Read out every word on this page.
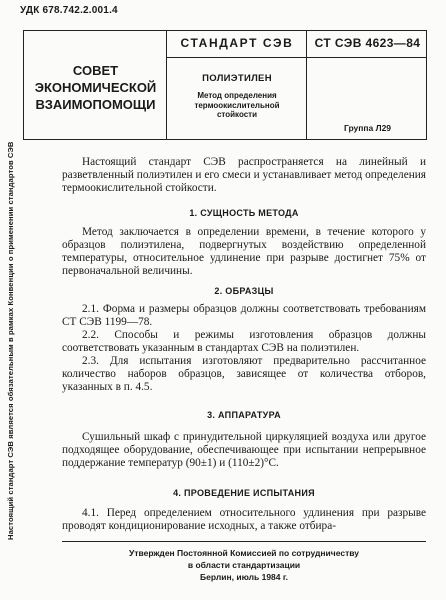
УДК 678.742.2.001.4
Настоящий стандарт СЭВ является обязательным в рамках Конвенции о применении стандартов СЭВ
СОВЕТ
ЭКОНОМИЧЕСКОЙ
ВЗАИМОПОМОЩИ
СТАНДАРТ СЭВ	СТ СЭВ 4623—84
ПОЛИЭТИЛЕН
Метод определения
термоокислительной
стойкости
Группа Л29

Настоящий стандарт СЭВ распространяется на линейный и разветвленный полиэтилен и его смеси и устанавливает метод определения термоокислительной стойкости.

1. СУЩНОСТЬ МЕТОДА

Метод заключается в определении времени, в течение которого у образцов полиэтилена, подвергнутых воздействию определенной температуры, относительное удлинение при разрыве достигнет 75% от первоначальной величины.

2. ОБРАЗЦЫ

2.1. Форма и размеры образцов должны соответствовать требованиям СТ СЭВ 1199—78.

2.2. Способы и режимы изготовления образцов должны соответствовать указанным в стандартах СЭВ на полиэтилен.

2.3. Для испытания изготовляют предварительно рассчитанное количество наборов образцов, зависящее от количества отборов, указанных в п. 4.5.

3. АППАРАТУРА

Сушильный шкаф с принудительной циркуляцией воздуха или другое подходящее оборудование, обеспечивающее при испытании непрерывное поддержание температур (90±1) и (110±2)°С.

4. ПРОВЕДЕНИЕ ИСПЫТАНИЯ

4.1. Перед определением относительного удлинения при разрыве проводят кондиционирование исходных, а также отбира-

Утвержден Постоянной Комиссией по сотрудничеству
в области стандартизации
Берлин, июль 1984 г.
